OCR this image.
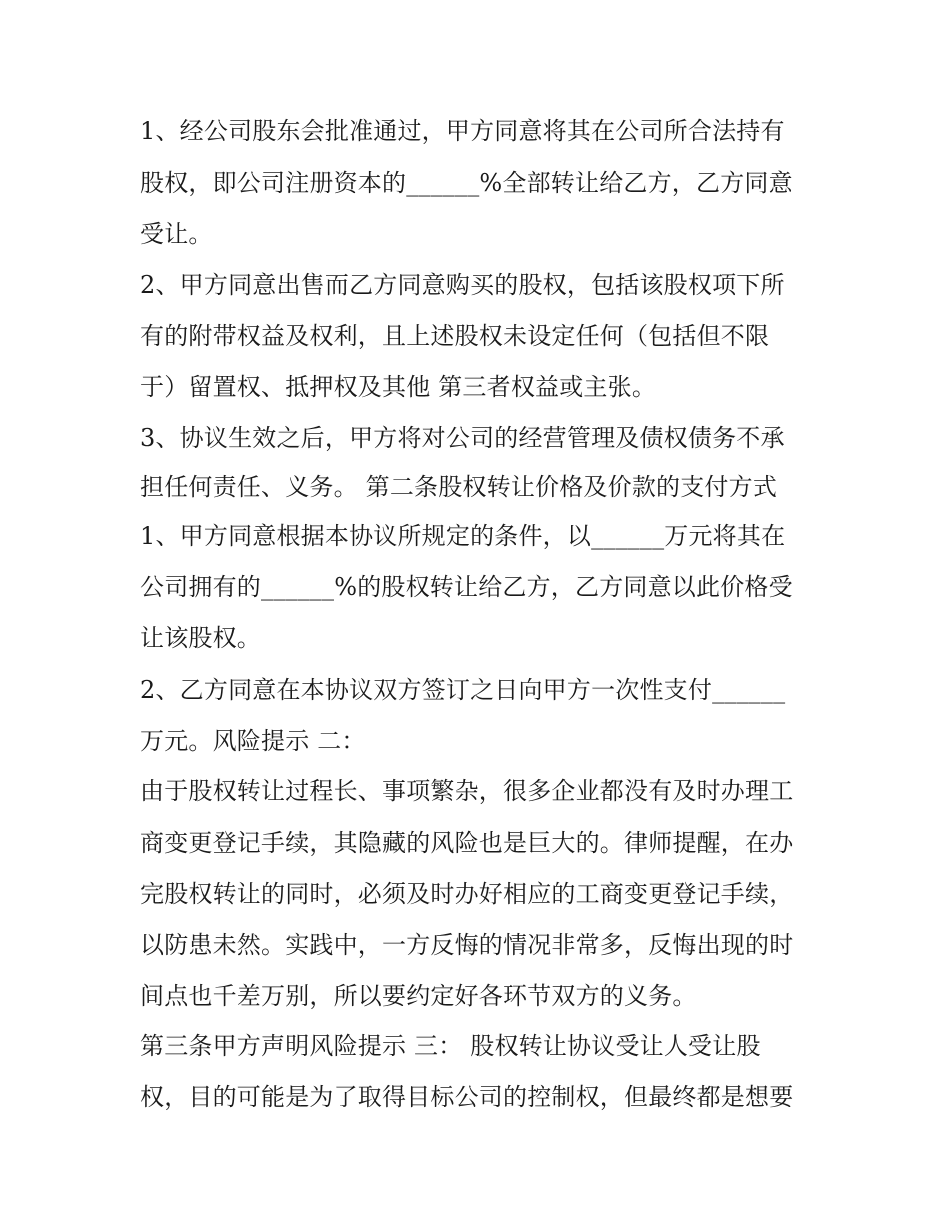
1、经公司股东会批准通过，甲方同意将其在公司所合法持有
股权，即公司注册资本的______%全部转让给乙方，乙方同意
受让。
2、甲方同意出售而乙方同意购买的股权，包括该股权项下所
有的附带权益及权利，且上述股权未设定任何（包括但不限
于）留置权、抵押权及其他 第三者权益或主张。
3、协议生效之后，甲方将对公司的经营管理及债权债务不承
担任何责任、义务。 第二条股权转让价格及价款的支付方式
1、甲方同意根据本协议所规定的条件，以______万元将其在
公司拥有的______%的股权转让给乙方，乙方同意以此价格受
让该股权。
2、乙方同意在本协议双方签订之日向甲方一次性支付______
万元。风险提示 二：
由于股权转让过程长、事项繁杂，很多企业都没有及时办理工
商变更登记手续，其隐藏的风险也是巨大的。律师提醒，在办
完股权转让的同时，必须及时办好相应的工商变更登记手续，
以防患未然。实践中，一方反悔的情况非常多，反悔出现的时
间点也千差万别，所以要约定好各环节双方的义务。
第三条甲方声明风险提示 三： 股权转让协议受让人受让股
权，目的可能是为了取得目标公司的控制权，但最终都是想要
